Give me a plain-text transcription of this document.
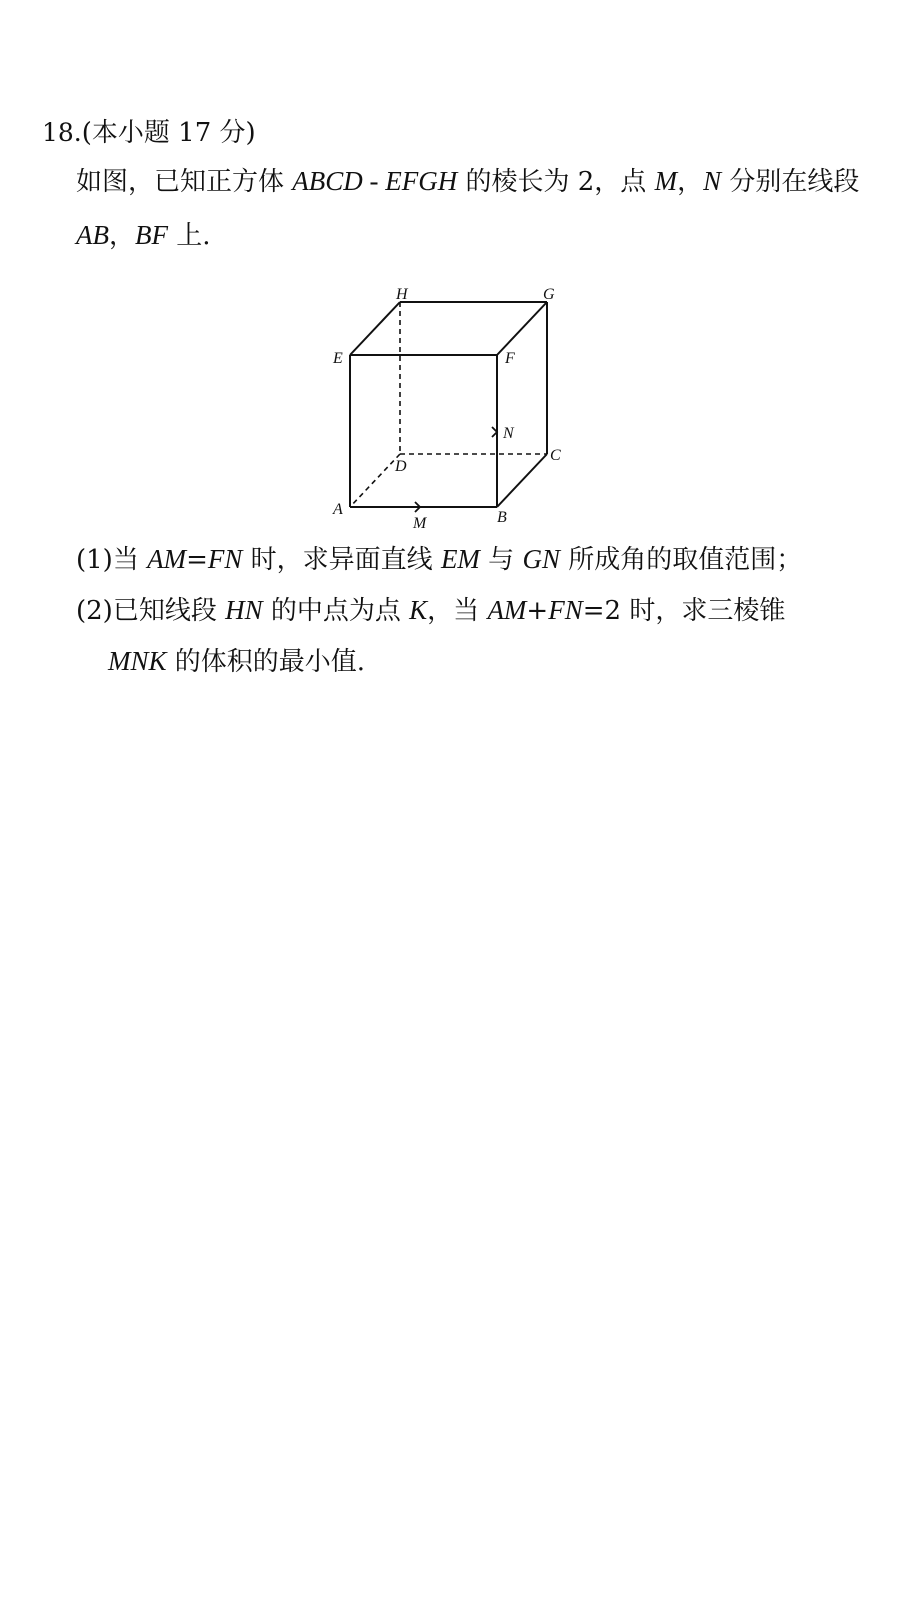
18.(本小题 17 分)
如图，已知正方体 ABCD - EFGH 的棱长为 2，点 M，N 分别在线段
AB，BF 上.
A	B
C
D
E	F
G
H
M
N
(1)当 AM=FN 时，求异面直线 EM 与 GN 所成角的取值范围；
(2)已知线段 HN 的中点为点 K，当 AM+FN=2 时，求三棱锥
MNK 的体积的最小值.
